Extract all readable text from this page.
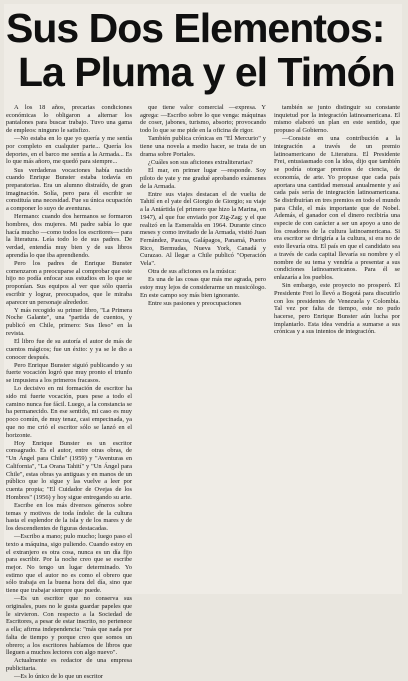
Sus Dos Elementos:
La Pluma y el Timón

A los 18 años, precarias condiciones económicas lo obligaron a alternar los pantalones para buscar trabajo. Tuvo una gama de empleos: ninguno le satisfizo.

—No estaba en lo que yo quería y me sentía por completo en cualquier parte... Quería los deportes, en el barco me sentía a la Armada... Es lo que más añoro, me quedó para siempre...

Sus verdaderas vocaciones había nacido cuando Enrique Bunster estaba todavía en preparatorias. Era un alumno distraído, de gran imaginación. Solía, pero para él escribir se constituía una necesidad. Fue su única ocupación a componer lo suyo de aventuras.

Hermano: cuando dos hermanos se formaron hombres, dos mujeres. Mi padre sabía lo que hacía mucho —como todos los escritores— para la literatura. Leía todo lo de sus padres. De verdad, entendía muy bien y de sus libros aprendía lo que iba aprendiendo.

Pero los padres de Enrique Bunster comenzaron a preocuparse al comprobar que este hijo no podía enfocar sus estudios en lo que se proponían. Sus equipos al ver que sólo quería escribir y lograr, preocupados, que le miraba aparecer un personaje alrededor.

Y más recogido su primer libro, "La Primera Noche Galante", una "partida de cuentos, y publicó en Chile, primero: Sus Ileso" en la revista.

El libro fue de su autoría el autor de más de cuentos mágicos; fue un éxito: y ya se le dio a conocer después.

Pero Enrique Bunster siguió publicando y su fuerte vocación logró que muy pronto el triunfo se impusiera a los primeros fracasos.

Lo decisivo en mi formación de escritor ha sido mi fuerte vocación, pues pese a todo el camino nunca fue fácil. Luego, a la constancia se ha permanecido. En ese sentido, mi caso es muy poco común, de muy tenaz, casi empecinada, ya que no me crió el escritor sólo se lanzó en el horizonte.

Hoy Enrique Bunster es un escritor consagrado. Es el autor, entre otras obras, de "Un Ángel para Chile" (1959) y "Aventuras en California", "La Orana Tahití" y "Un Ángel para Chile", estas obras ya antiguas y en manos de un público que lo sigue y las vuelve a leer por cuenta propia; "El Cuidador de Ovejas de los Hombres" (1956) y hoy sigue entregando su arte.

Escribe en los más diversos géneros sobre temas y motivos de toda índole: de la cultura hasta el esplendor de la isla y de los mares y de los descendientes de figuras destacadas.

—Escribo a mano; pulo mucho; luego paso el texto a máquina, sigo puliendo. Cuando estoy en el extranjero es otra cosa, nunca es un día fijo para escribir. Por la noche creo que se escribe mejor. No tengo un lugar determinado. Yo estimo que el autor no es como el obrero que sólo trabaja en la buena hora del día, sino que tiene que trabajar siempre que puede.

—Es un escritor que no conserva sus originales, pues no le gusta guardar papeles que le sirvieron. Con respecto a la Sociedad de Escritores, a pesar de estar inscrito, no pertenece a ella; afirma independencia: "más que nada por falta de tiempo y porque creo que somos un obrero; a los escritores habíamos de libros que lleguen a muchos lectores con algo nuevo".

Actualmente es redactor de una empresa publicitaria.

—Es lo único de lo que un escritor

que tiene valor comercial —expresa. Y agrega: —Escribo sobre lo que venga: máquinas de coser, jabones, turismo, absorto; provocando todo lo que se me pide en la oficina de rigor.

También publica crónicas en "El Mercurio" y tiene una novela a medio hacer, se trata de un drama sobre Portales.

¿Cuáles son sus aficiones extraliterarias?

El mar, en primer lugar —responde. Soy piloto de yate y me gradué aprobando exámenes de la Armada.

Entre sus viajes destacan el de vuelta de Tahití en el yate del Giorgio de Giorgio; su viaje a la Antártida (el primero que hizo la Marina, en 1947), al que fue enviado por Zig-Zag; y el que realizó en la Esmeralda en 1964. Durante cinco meses y como invitado de la Armada, visitó Juan Fernández, Pascua, Galápagos, Panamá, Puerto Rico, Bermudas, Nueva York, Canadá y Curazao. Al llegar a Chile publicó "Operación Vela".

Otra de sus aficiones es la música:

Es una de las cosas que más me agrada, pero estoy muy lejos de considerarme un musicólogo. En este campo soy más bien ignorante.

Entre sus pasiones y preocupaciones

también se junto distinguir su constante inquietud por la integración latinoamericana. El mismo elaboró un plan en este sentido, que propuso al Gobierno.

—Consiste en una contribución a la integración a través de un premio latinoamericano de Literatura. El Presidente Frei, entusiasmado con la idea, dijo que también se podría otorgar premios de ciencia, de economía, de arte. Yo propuse que cada país aportara una cantidad mensual anualmente y así cada país sería de integración latinoamericana. Se distribuirían en tres premios en todo el mundo para Chile, el más importante que de Nobel. Además, el ganador con el dinero recibiría una especie de con carácter a ser un apoyo a uno de los creadores de la cultura latinoamericana. Si era escritor se dirigiría a la cultura, si era no de esto llevaría otra. El país en que el candidato sea a través de cada capital llevaría su nombre y el nombre de su tema y vendría a presentar a sus condiciones latinoamericanos. Para él se enlazaría a los pueblos.

Sin embargo, este proyecto no prosperó. El Presidente Frei lo llevó a Bogotá para discutirlo con los presidentes de Venezuela y Colombia. Tal vez por falta de tiempo, este no pudo hacerse, pero Enrique Bunster aún lucha por implantarlo. Esta idea vendría a sumarse a sus crónicas y a sus intentos de integración.
